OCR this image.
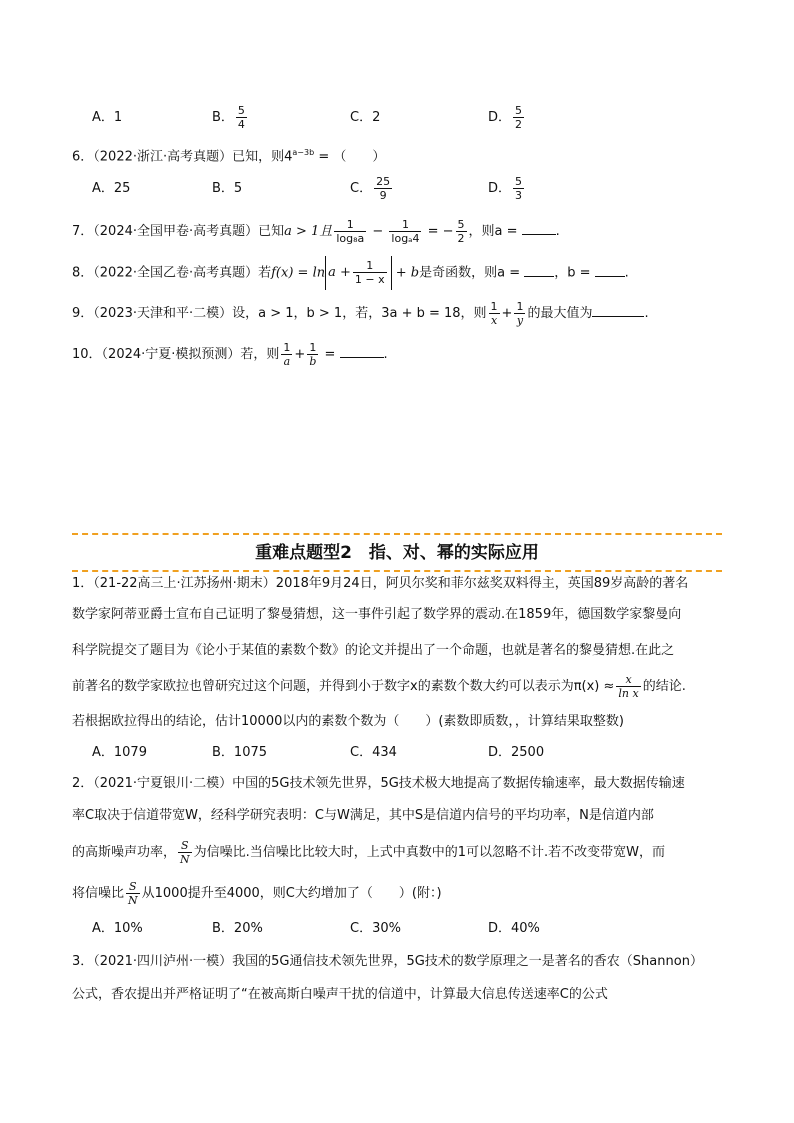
A．1	B． $\frac{5}{4}$	C．2	D． $\frac{5}{2}$
6．（2022·浙江·高考真题）已知，则$4^{a-3b}$ = （　　）
A．25	B．5	C． $\frac{25}{9}$	D． $\frac{5}{3}$
7．（2024·全国甲卷·高考真题）已知a > 1且 $\frac{1}{\text{log₈a}} - \frac{1}{\text{logₐ4}}$ = − $\frac{5}{2}$ ，则a =	.
8．（2022·全国乙卷·高考真题）若$f(x) = \ln a + \frac{1}{1 - x} + b$是奇函数，则a = ，b = .
9．（2023·天津和平·二模）设，a > 1，b > 1，若，3a + b = 18，则 $\frac{1}{x} + \frac{1}{y}$ 的最大值为	.
10．（2024·宁夏·模拟预测）若，则 $\frac{1}{a} + \frac{1}{b}$ =	.
重难点题型2　指、对、幂的实际应用
1．（21-22高三上·江苏扬州·期末）2018年9月24日，阿贝尔奖和菲尔兹奖双料得主，英国89岁高龄的著名
数学家阿蒂亚爵士宣布自己证明了黎曼猜想，这一事件引起了数学界的震动.在1859年，德国数学家黎曼向
科学院提交了题目为《论小于某值的素数个数》的论文并提出了一个命题，也就是著名的黎曼猜想.在此之
前著名的数学家欧拉也曾研究过这个问题，并得到小于数字x的素数个数大约可以表示为$\pi(x) \approx \frac{x}{\text{ln x}}$ 的结论.
若根据欧拉得出的结论，估计10000以内的素数个数为（　　）(素数即质数，，计算结果取整数)
A．1079	B．1075	C．434	D．2500
2．（2021·宁夏银川·二模）中国的5G技术领先世界，5G技术极大地提高了数据传输速率，最大数据传输速
率C取决于信道带宽W，经科学研究表明：C与W满足，其中S是信道内信号的平均功率，N是信道内部
的高斯噪声功率， $\frac{S}{N}$ 为信噪比.当信噪比比较大时，上式中真数中的1可以忽略不计.若不改变带宽W，而
将信噪比 $\frac{S}{N}$ 从1000提升至4000，则C大约增加了（　　）(附：)
A．10%	B．20%	C．30%	D．40%
3．（2021·四川泸州·一模）我国的5G通信技术领先世界，5G技术的数学原理之一是著名的香农（Shannon）
公式，香农提出并严格证明了“在被高斯白噪声干扰的信道中，计算最大信息传送速率C的公式
